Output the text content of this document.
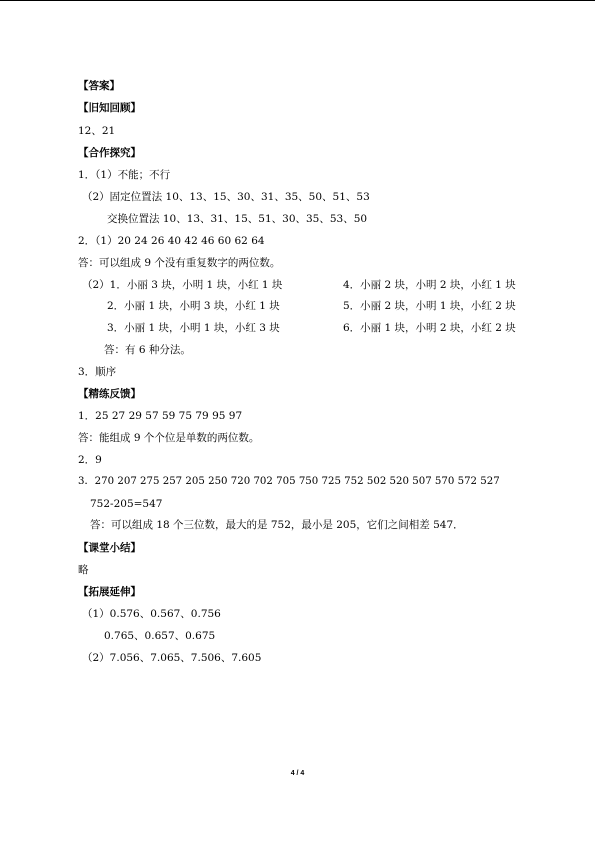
【答案】
【旧知回顾】
12、21
【合作探究】
1．（1）不能；不行
（2）固定位置法 10、13、15、30、31、35、50、51、53
交换位置法 10、13、31、15、51、30、35、53、50
2．（1）20 24 26 40 42 46 60 62 64
答：可以组成 9 个没有重复数字的两位数。
（2）1．小丽 3 块，小明 1 块，小红 1 块	4．小丽 2 块，小明 2 块，小红 1 块
2．小丽 1 块，小明 3 块，小红 1 块	5．小丽 2 块，小明 1 块，小红 2 块
3．小丽 1 块，小明 1 块，小红 3 块	6．小丽 1 块，小明 2 块，小红 2 块
答：有 6 种分法。
3．顺序
【精练反馈】
1．25 27 29 57 59 75 79 95 97
答：能组成 9 个个位是单数的两位数。
2．9
3．270 207 275 257 205 250 720 702 705 750 725 752 502 520 507 570 572 527
752-205=547
答：可以组成 18 个三位数，最大的是 752，最小是 205，它们之间相差 547．
【课堂小结】
略
【拓展延伸】
（1）0.576、0.567、0.756
0.765、0.657、0.675
（2）7.056、7.065、7.506、7.605
4 / 4
